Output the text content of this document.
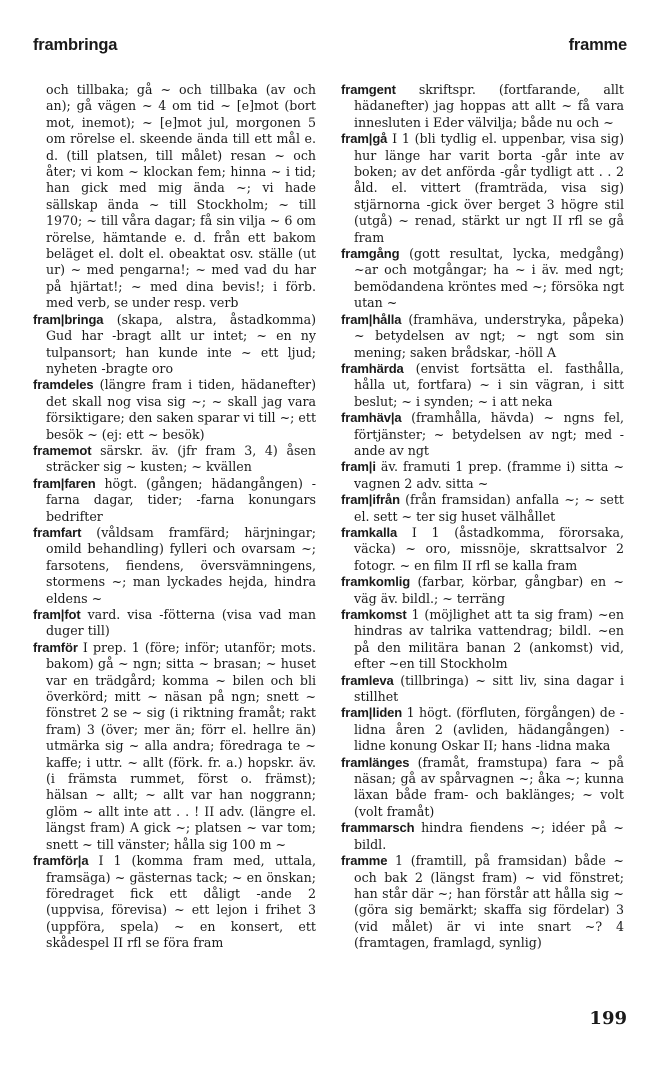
frambringa	framme

och tillbaka; gå ~ och tillbaka (av och an); gå vägen ~ 4 om tid ~ [e]mot (bort mot, inemot); ~ [e]mot jul, morgonen 5 om rörelse el. skeende ända till ett mål e. d. (till platsen, till målet) resan ~ och åter; vi kom ~ klockan fem; hinna ~ i tid; han gick med mig ända ~; vi hade sällskap ända ~ till Stockholm; ~ till 1970; ~ till våra dagar; få sin vilja ~ 6 om rörelse, hämtande e. d. från ett bakom beläget el. dolt el. obeaktat osv. ställe (ut ur) ~ med pengarna!; ~ med vad du har på hjärtat!; ~ med dina bevis!; i förb. med verb, se under resp. verb

fram|bringa (skapa, alstra, åstadkomma) Gud har -bragt allt ur intet; ~ en ny tulpansort; han kunde inte ~ ett ljud; nyheten -bragte oro

framdeles (längre fram i tiden, hädanefter) det skall nog visa sig ~; ~ skall jag vara försiktigare; den saken sparar vi till ~; ett besök ~ (ej: ett ~ besök)

framemot särskr. äv. (jfr fram 3, 4) åsen sträcker sig ~ kusten; ~ kvällen

fram|faren högt. (gången; hädangången) -farna dagar, tider; -farna konungars bedrifter

framfart (våldsam framfärd; härjningar; omild behandling) fylleri och ovarsam ~; farsotens, fiendens, översvämningens, stormens ~; man lyckades hejda, hindra eldens ~

fram|fot vard. visa -fötterna (visa vad man duger till)

framför I prep. 1 (före; inför; utanför; mots. bakom) gå ~ ngn; sitta ~ brasan; ~ huset var en trädgård; komma ~ bilen och bli överkörd; mitt ~ näsan på ngn; snett ~ fönstret 2 se ~ sig (i riktning framåt; rakt fram) 3 (över; mer än; förr el. hellre än) utmärka sig ~ alla andra; föredraga te ~ kaffe; i uttr. ~ allt (förk. fr. a.) hopskr. äv. (i främsta rummet, först o. främst); hälsan ~ allt; ~ allt var han noggrann; glöm ~ allt inte att . . ! II adv. (längre el. längst fram) A gick ~; platsen ~ var tom; snett ~ till vänster; hålla sig 100 m ~

framför|a I 1 (komma fram med, uttala, framsäga) ~ gästernas tack; ~ en önskan; föredraget fick ett dåligt -ande 2 (uppvisa, förevisa) ~ ett lejon i frihet 3 (uppföra, spela) ~ en konsert, ett skådespel II rfl se föra fram

framgent skriftspr. (fortfarande, allt hädanefter) jag hoppas att allt ~ få vara innesluten i Eder välvilja; både nu och ~

fram|gå I 1 (bli tydlig el. uppenbar, visa sig) hur länge har varit borta -går inte av boken; av det anförda -går tydligt att . . 2 åld. el. vittert (framträda, visa sig) stjärnorna -gick över berget 3 högre stil (utgå) ~ renad, stärkt ur ngt II rfl se gå fram

framgång (gott resultat, lycka, medgång) ~ar och motgångar; ha ~ i äv. med ngt; bemödandena kröntes med ~; försöka ngt utan ~

fram|hålla (framhäva, understryka, påpeka) ~ betydelsen av ngt; ~ ngt som sin mening; saken brådskar, -höll A

framhärda (envist fortsätta el. fasthålla, hålla ut, fortfara) ~ i sin vägran, i sitt beslut; ~ i synden; ~ i att neka

framhäv|a (framhålla, hävda) ~ ngns fel, förtjänster; ~ betydelsen av ngt; med -ande av ngt

fram|i äv. framuti 1 prep. (framme i) sitta ~ vagnen 2 adv. sitta ~

fram|ifrån (från framsidan) anfalla ~; ~ sett el. sett ~ ter sig huset välhållet

framkalla I 1 (åstadkomma, förorsaka, väcka) ~ oro, missnöje, skrattsalvor 2 fotogr. ~ en film II rfl se kalla fram

framkomlig (farbar, körbar, gångbar) en ~ väg äv. bildl.; ~ terräng

framkomst 1 (möjlighet att ta sig fram) ~en hindras av talrika vattendrag; bildl. ~en på den militära banan 2 (ankomst) vid, efter ~en till Stockholm

framleva (tillbringa) ~ sitt liv, sina dagar i stillhet

fram|liden 1 högt. (förfluten, förgången) de -lidna åren 2 (avliden, hädangången) -lidne konung Oskar II; hans -lidna maka

framlänges (framåt, framstupa) fara ~ på näsan; gå av spårvagnen ~; åka ~; kunna läxan både fram- och baklänges; ~ volt (volt framåt)

frammarsch hindra fiendens ~; idéer på ~ bildl.

framme 1 (framtill, på framsidan) både ~ och bak 2 (längst fram) ~ vid fönstret; han står där ~; han förstår att hålla sig ~ (göra sig bemärkt; skaffa sig fördelar) 3 (vid målet) är vi inte snart ~? 4 (framtagen, framlagd, synlig)

199
